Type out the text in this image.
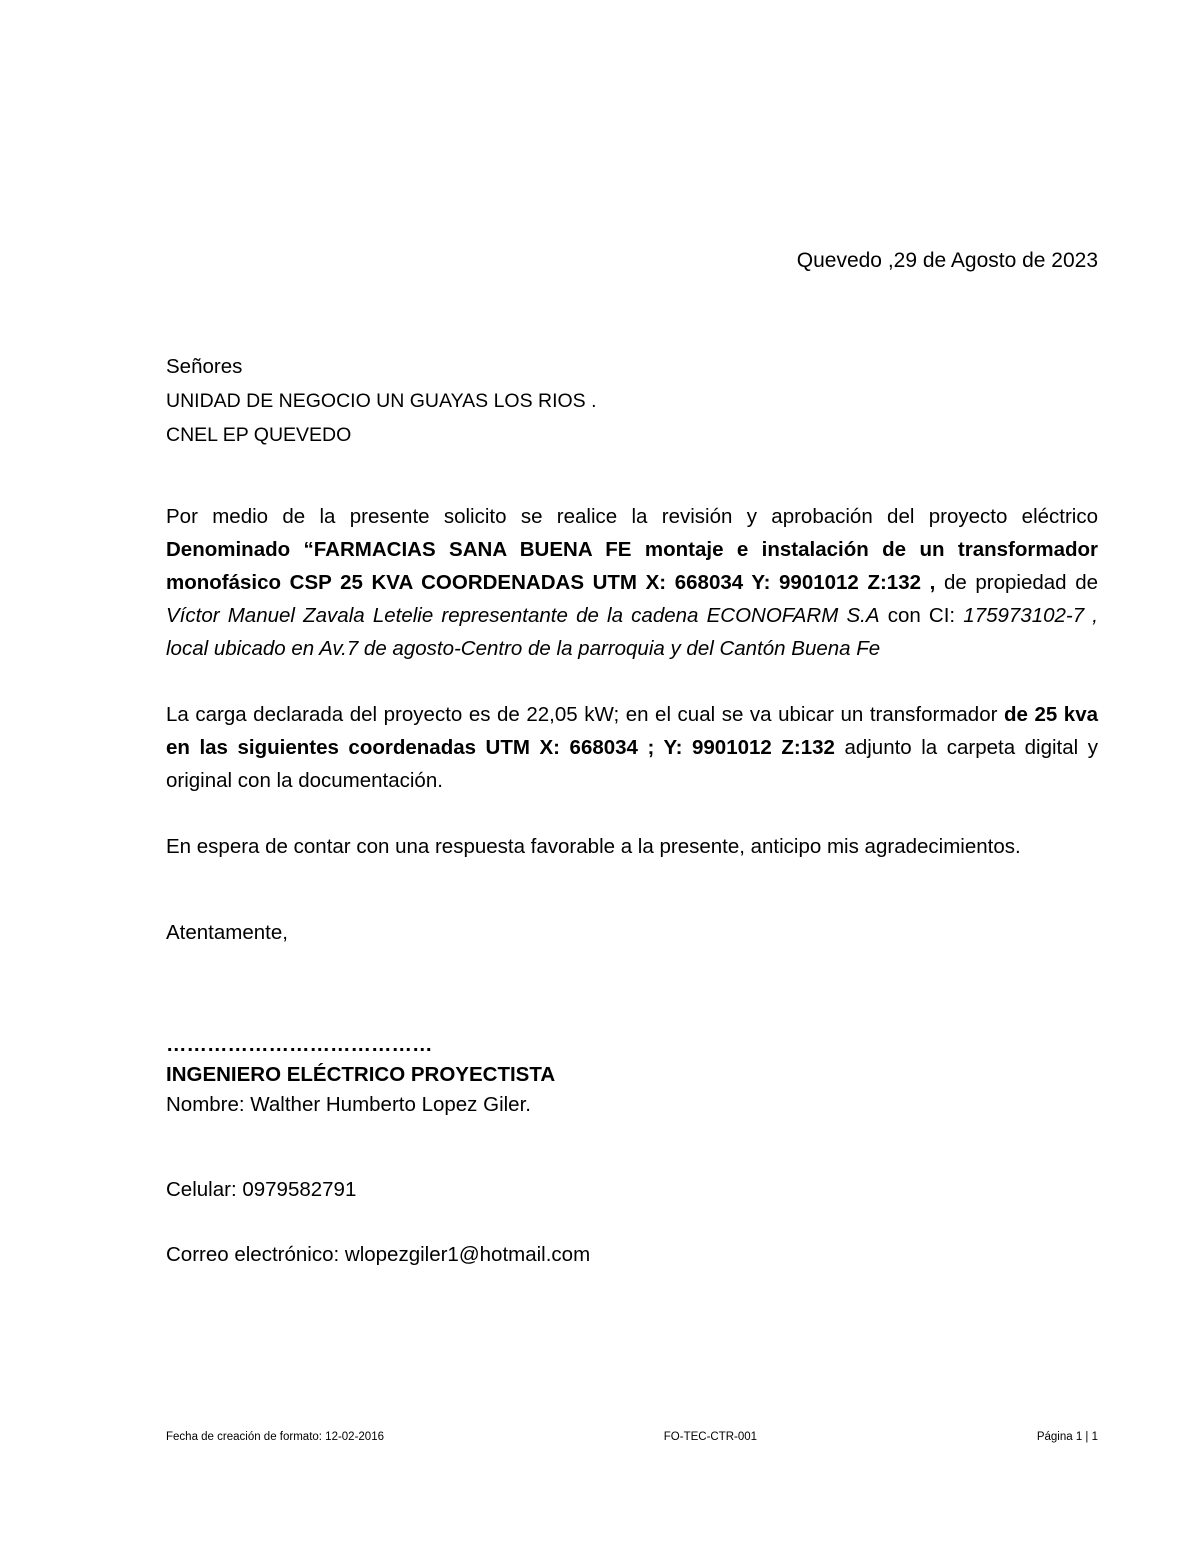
Quevedo ,29 de Agosto de 2023
Señores
UNIDAD DE NEGOCIO UN GUAYAS LOS RIOS .
CNEL EP QUEVEDO
Por medio de la presente solicito se realice la revisión y aprobación del proyecto eléctrico Denominado “FARMACIAS SANA BUENA FE montaje e instalación de un transformador monofásico CSP 25 KVA COORDENADAS UTM X: 668034 Y: 9901012 Z:132 , de propiedad de Víctor Manuel Zavala Letelie representante de la cadena ECONOFARM S.A con CI: 175973102-7 , local ubicado en Av.7 de agosto-Centro de la parroquia y del Cantón Buena Fe
La carga declarada del proyecto es de 22,05 kW; en el cual se va ubicar un transformador de 25 kva en las siguientes coordenadas UTM X: 668034 ; Y: 9901012 Z:132 adjunto la carpeta digital y original con la documentación.
En espera de contar con una respuesta favorable a la presente, anticipo mis agradecimientos.
Atentamente,
…………………………………
INGENIERO ELÉCTRICO PROYECTISTA
Nombre: Walther Humberto Lopez Giler.
Celular: 0979582791
Correo electrónico: wlopezgiler1@hotmail.com
Fecha de creación de formato: 12-02-2016	FO-TEC-CTR-001	Página 1 | 1
